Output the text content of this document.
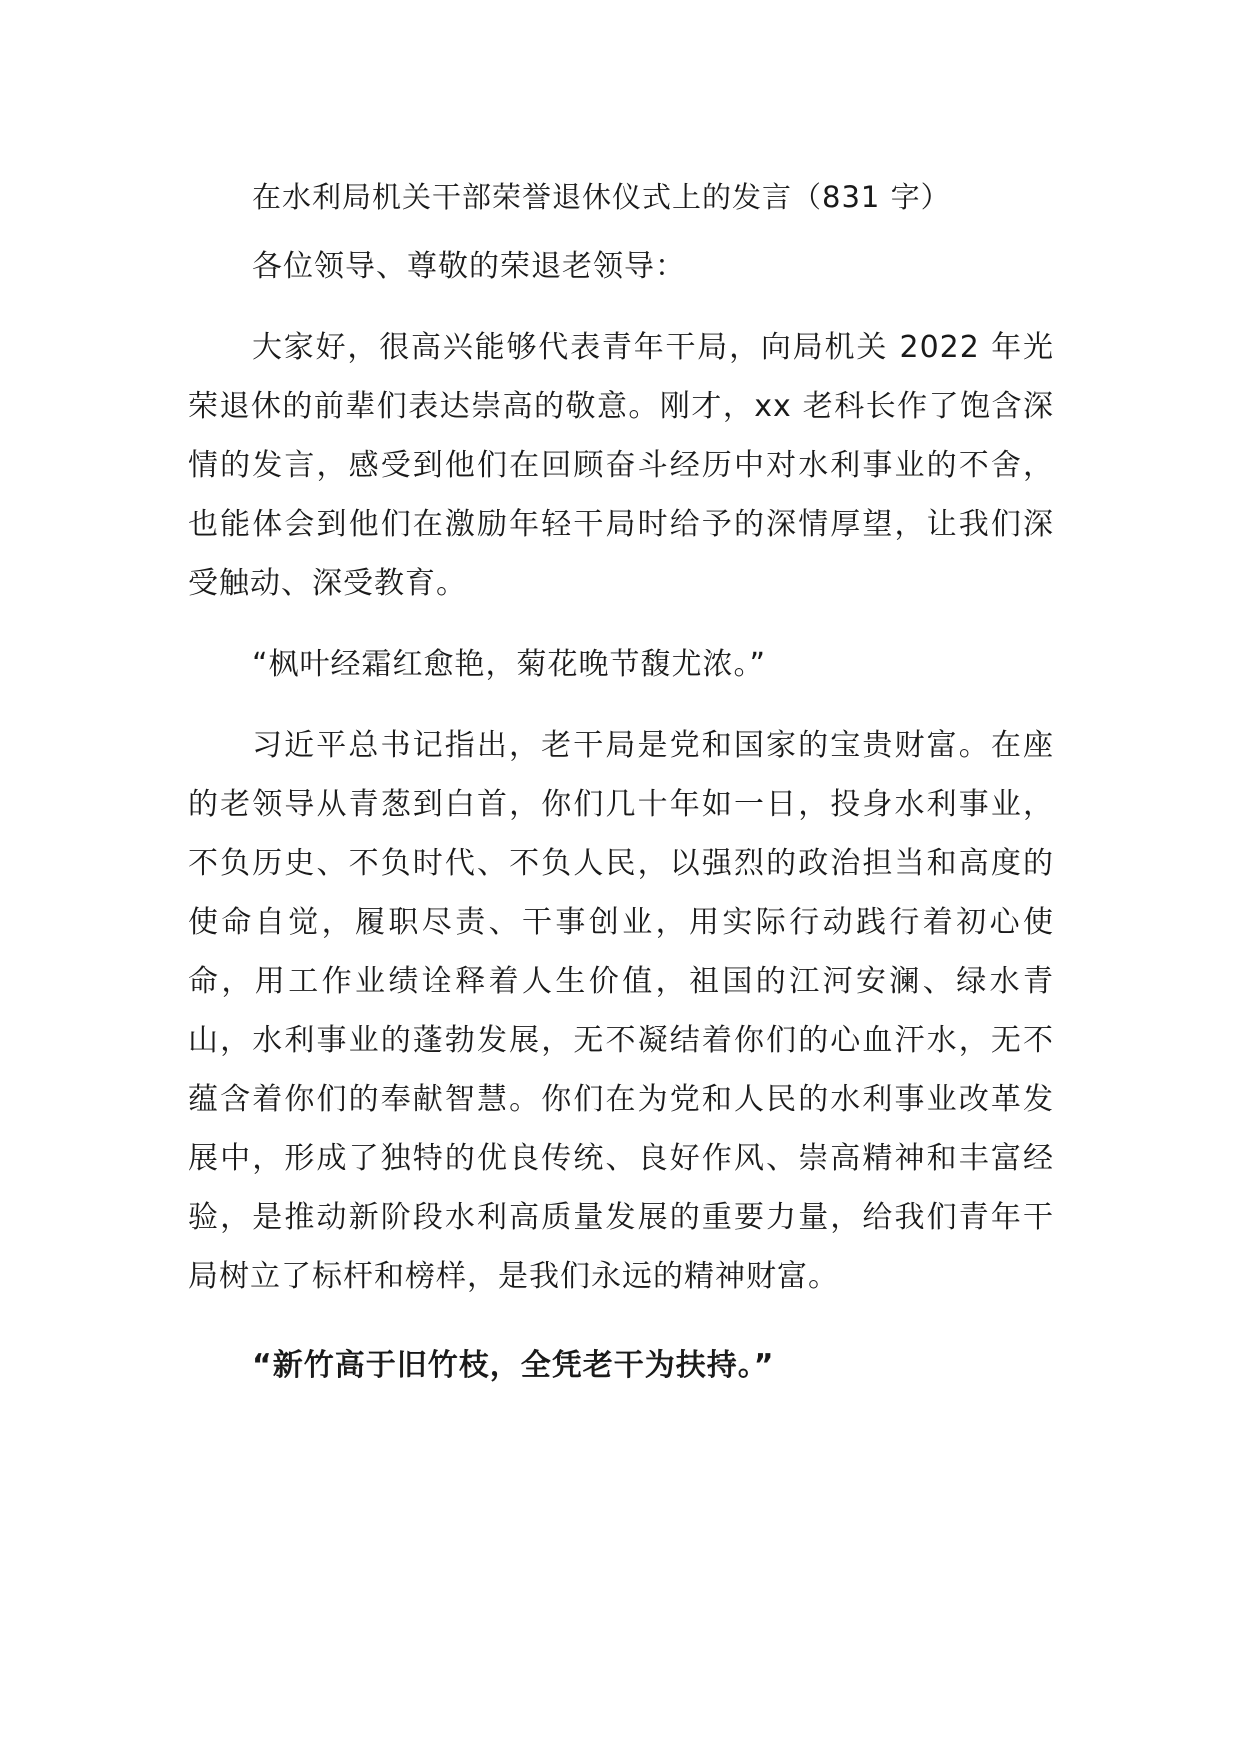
在水利局机关干部荣誉退休仪式上的发言（831 字）

各位领导、尊敬的荣退老领导：

大家好，很高兴能够代表青年干局，向局机关 2022 年光荣退休的前辈们表达崇高的敬意。刚才，xx 老科长作了饱含深情的发言，感受到他们在回顾奋斗经历中对水利事业的不舍，也能体会到他们在激励年轻干局时给予的深情厚望，让我们深受触动、深受教育。

“枫叶经霜红愈艳，菊花晚节馥尤浓。”

习近平总书记指出，老干局是党和国家的宝贵财富。在座的老领导从青葱到白首，你们几十年如一日，投身水利事业，不负历史、不负时代、不负人民，以强烈的政治担当和高度的使命自觉，履职尽责、干事创业，用实际行动践行着初心使命，用工作业绩诠释着人生价值，祖国的江河安澜、绿水青山，水利事业的蓬勃发展，无不凝结着你们的心血汗水，无不蕴含着你们的奉献智慧。你们在为党和人民的水利事业改革发展中，形成了独特的优良传统、良好作风、崇高精神和丰富经验，是推动新阶段水利高质量发展的重要力量，给我们青年干局树立了标杆和榜样，是我们永远的精神财富。

“新竹高于旧竹枝，全凭老干为扶持。”
